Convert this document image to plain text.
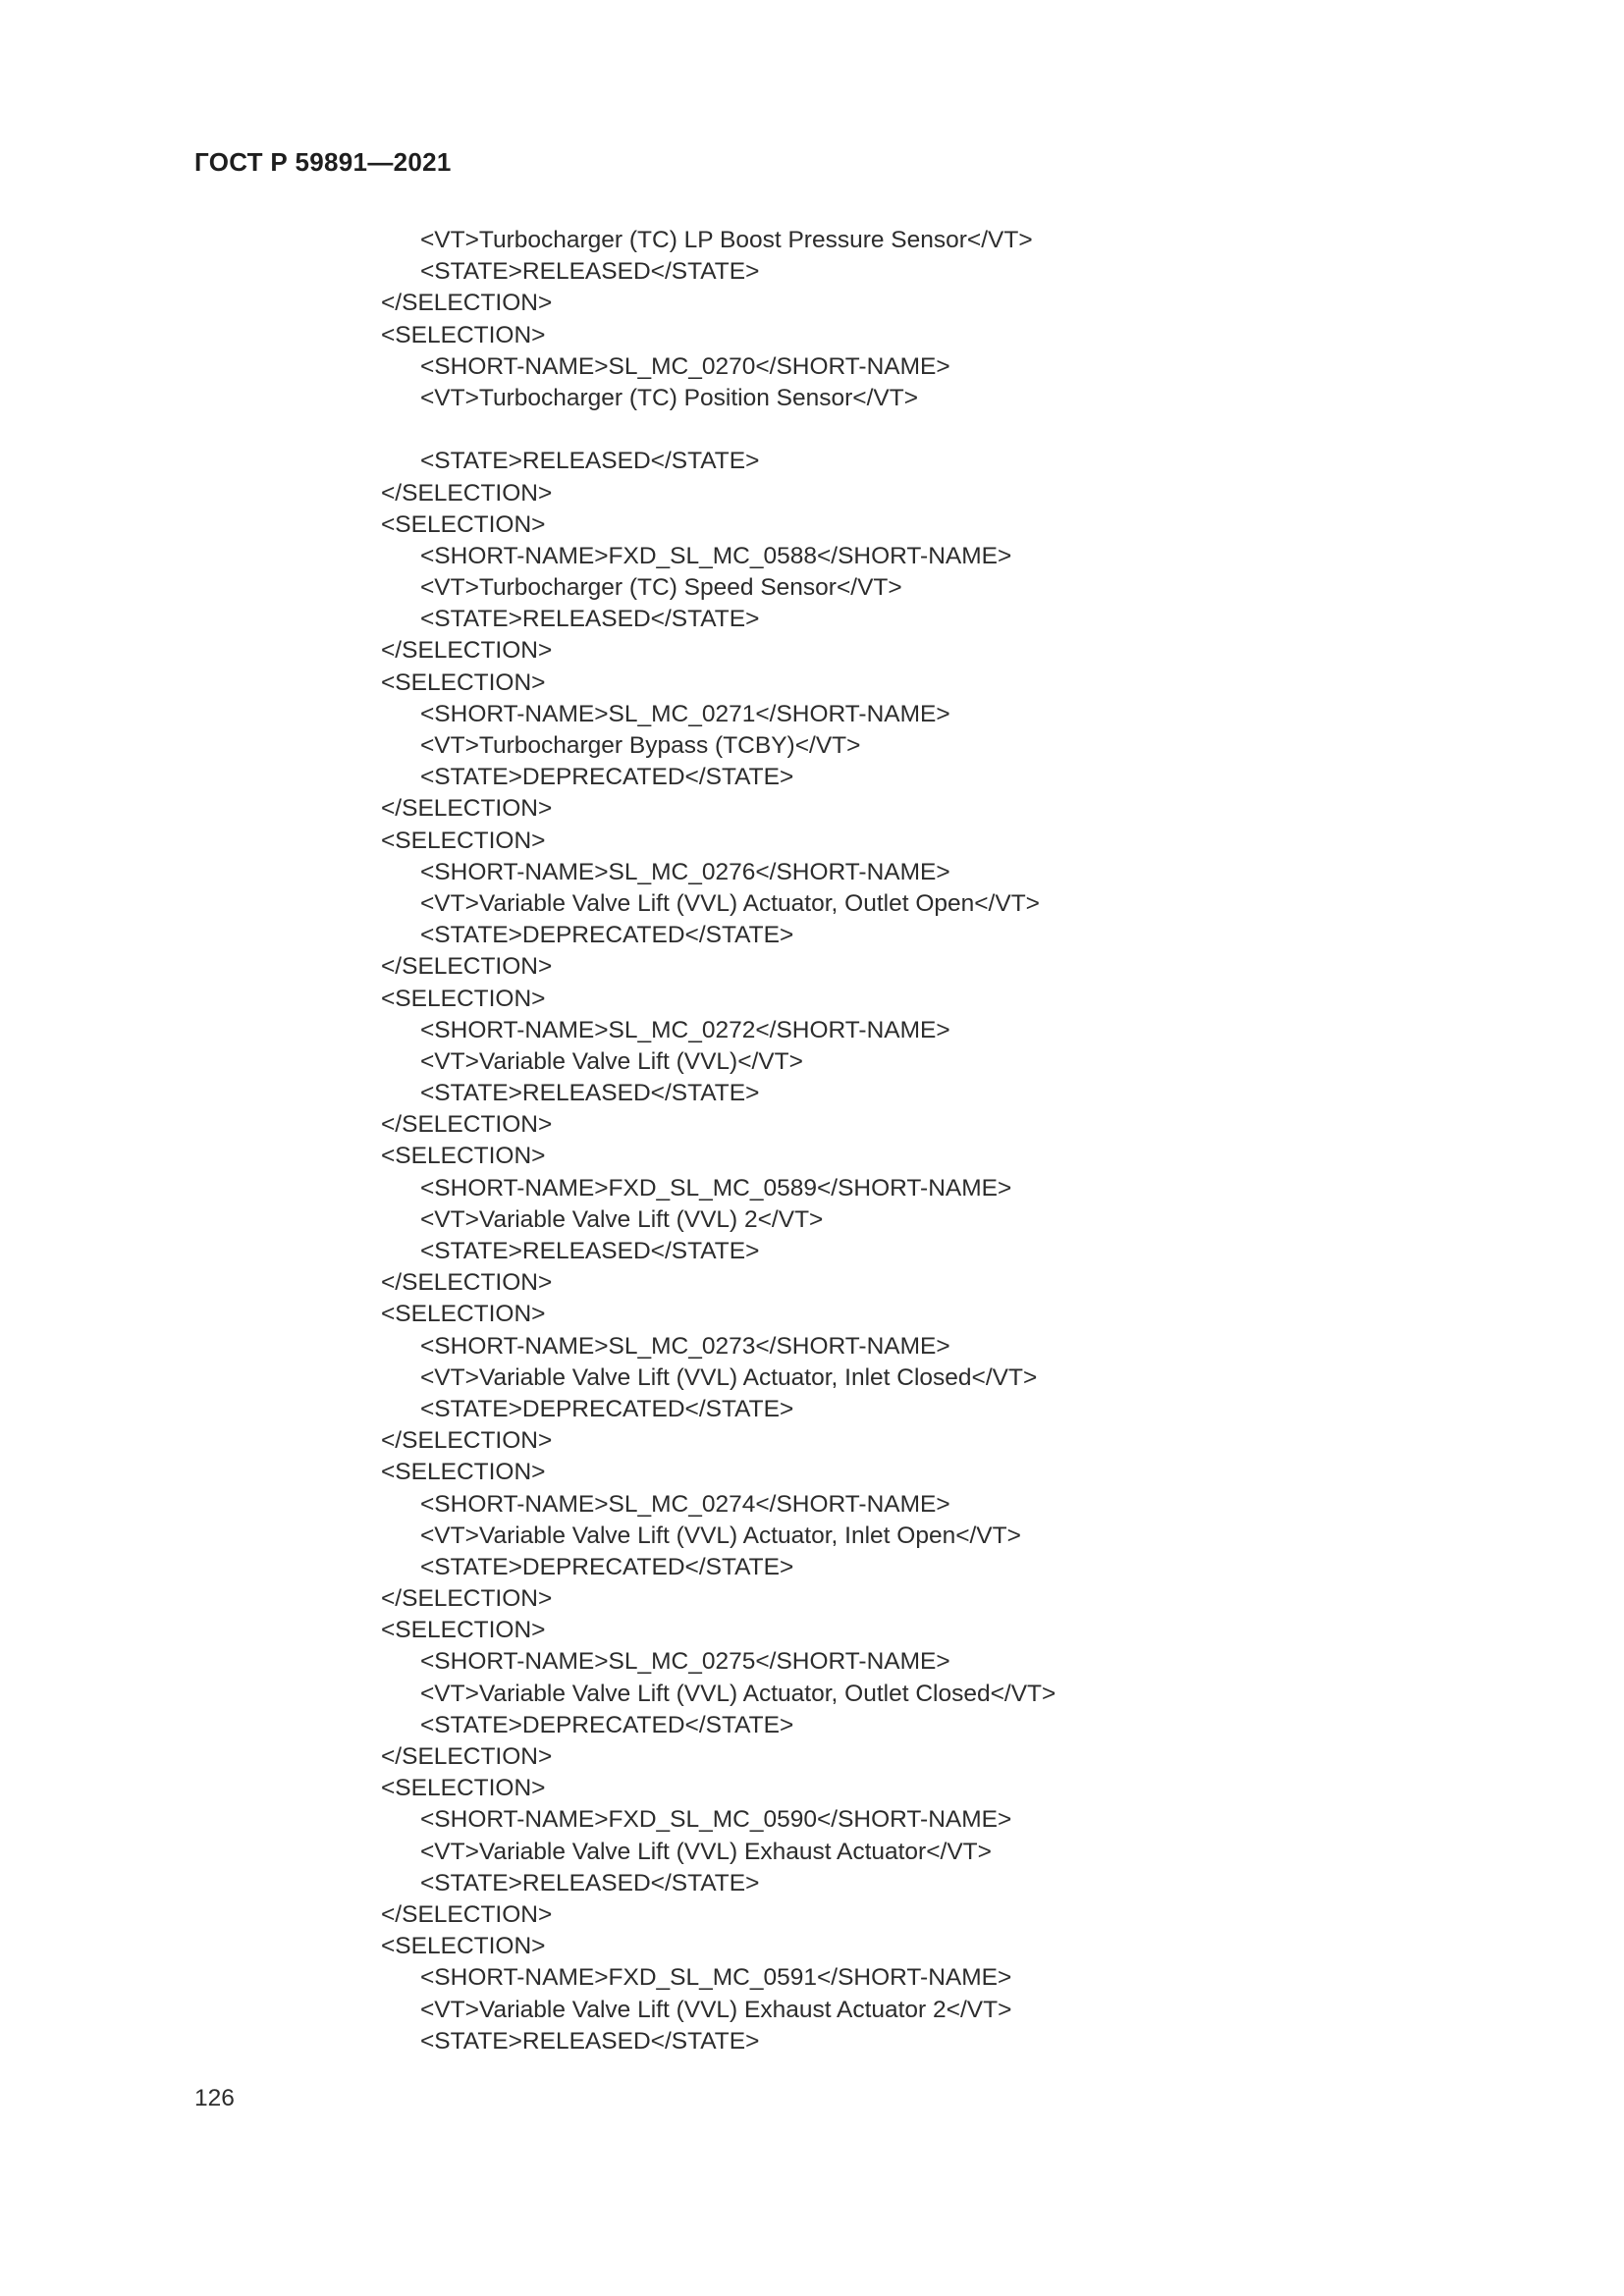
ГОСТ Р 59891—2021
<VT>Turbocharger (TC) LP Boost Pressure Sensor</VT>
<STATE>RELEASED</STATE>
</SELECTION>
<SELECTION>
<SHORT-NAME>SL_MC_0270</SHORT-NAME>
<VT>Turbocharger (TC) Position Sensor</VT>
<STATE>RELEASED</STATE>
</SELECTION>
<SELECTION>
<SHORT-NAME>FXD_SL_MC_0588</SHORT-NAME>
<VT>Turbocharger (TC) Speed Sensor</VT>
<STATE>RELEASED</STATE>
</SELECTION>
<SELECTION>
<SHORT-NAME>SL_MC_0271</SHORT-NAME>
<VT>Turbocharger Bypass (TCBY)</VT>
<STATE>DEPRECATED</STATE>
</SELECTION>
<SELECTION>
<SHORT-NAME>SL_MC_0276</SHORT-NAME>
<VT>Variable Valve Lift (VVL) Actuator, Outlet Open</VT>
<STATE>DEPRECATED</STATE>
</SELECTION>
<SELECTION>
<SHORT-NAME>SL_MC_0272</SHORT-NAME>
<VT>Variable Valve Lift (VVL)</VT>
<STATE>RELEASED</STATE>
</SELECTION>
<SELECTION>
<SHORT-NAME>FXD_SL_MC_0589</SHORT-NAME>
<VT>Variable Valve Lift (VVL) 2</VT>
<STATE>RELEASED</STATE>
</SELECTION>
<SELECTION>
<SHORT-NAME>SL_MC_0273</SHORT-NAME>
<VT>Variable Valve Lift (VVL) Actuator, Inlet Closed</VT>
<STATE>DEPRECATED</STATE>
</SELECTION>
<SELECTION>
<SHORT-NAME>SL_MC_0274</SHORT-NAME>
<VT>Variable Valve Lift (VVL) Actuator, Inlet Open</VT>
<STATE>DEPRECATED</STATE>
</SELECTION>
<SELECTION>
<SHORT-NAME>SL_MC_0275</SHORT-NAME>
<VT>Variable Valve Lift (VVL) Actuator, Outlet Closed</VT>
<STATE>DEPRECATED</STATE>
</SELECTION>
<SELECTION>
<SHORT-NAME>FXD_SL_MC_0590</SHORT-NAME>
<VT>Variable Valve Lift (VVL) Exhaust Actuator</VT>
<STATE>RELEASED</STATE>
</SELECTION>
<SELECTION>
<SHORT-NAME>FXD_SL_MC_0591</SHORT-NAME>
<VT>Variable Valve Lift (VVL) Exhaust Actuator 2</VT>
<STATE>RELEASED</STATE>
126
